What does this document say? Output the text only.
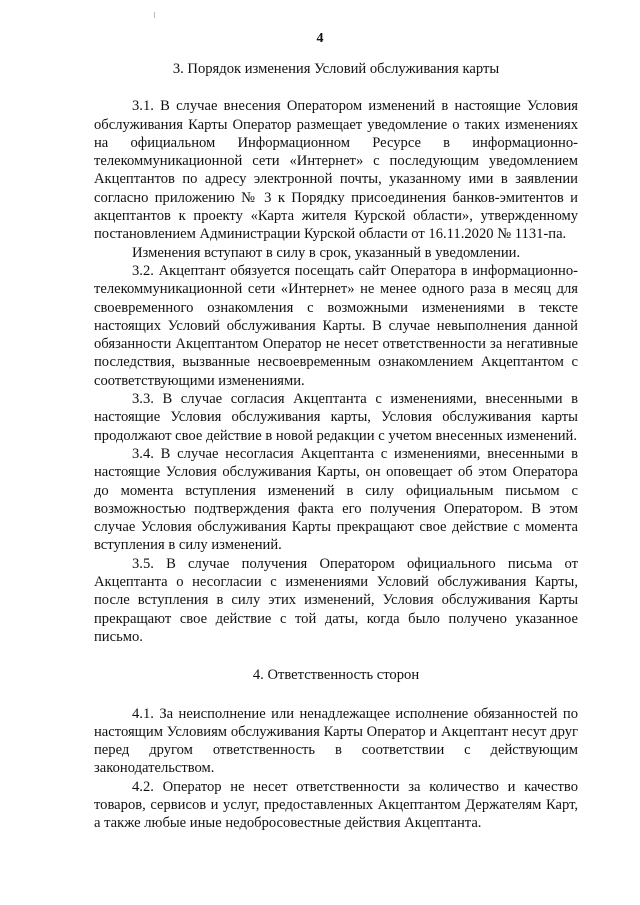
4
3. Порядок изменения Условий обслуживания карты

3.1. В случае внесения Оператором изменений в настоящие Условия обслуживания Карты Оператор размещает уведомление о таких изменениях на официальном Информационном Ресурсе в информационно-телекоммуникационной сети «Интернет» с последующим уведомлением Акцептантов по адресу электронной почты, указанному ими в заявлении согласно приложению № 3 к Порядку присоединения банков-эмитентов и акцептантов к проекту «Карта жителя Курской области», утвержденному постановлением Администрации Курской области от 16.11.2020 № 1131-па.

Изменения вступают в силу в срок, указанный в уведомлении.

3.2. Акцептант обязуется посещать сайт Оператора в информационно-телекоммуникационной сети «Интернет» не менее одного раза в месяц для своевременного ознакомления с возможными изменениями в тексте настоящих Условий обслуживания Карты. В случае невыполнения данной обязанности Акцептантом Оператор не несет ответственности за негативные последствия, вызванные несвоевременным ознакомлением Акцептантом с соответствующими изменениями.

3.3. В случае согласия Акцептанта с изменениями, внесенными в настоящие Условия обслуживания карты, Условия обслуживания карты продолжают свое действие в новой редакции с учетом внесенных изменений.

3.4. В случае несогласия Акцептанта с изменениями, внесенными в настоящие Условия обслуживания Карты, он оповещает об этом Оператора до момента вступления изменений в силу официальным письмом с возможностью подтверждения факта его получения Оператором. В этом случае Условия обслуживания Карты прекращают свое действие с момента вступления в силу изменений.

3.5. В случае получения Оператором официального письма от Акцептанта о несогласии с изменениями Условий обслуживания Карты, после вступления в силу этих изменений, Условия обслуживания Карты прекращают свое действие с той даты, когда было получено указанное письмо.

4. Ответственность сторон

4.1. За неисполнение или ненадлежащее исполнение обязанностей по настоящим Условиям обслуживания Карты Оператор и Акцептант несут друг перед другом ответственность в соответствии с действующим законодательством.

4.2. Оператор не несет ответственности за количество и качество товаров, сервисов и услуг, предоставленных Акцептантом Держателям Карт, а также любые иные недобросовестные действия Акцептанта.
